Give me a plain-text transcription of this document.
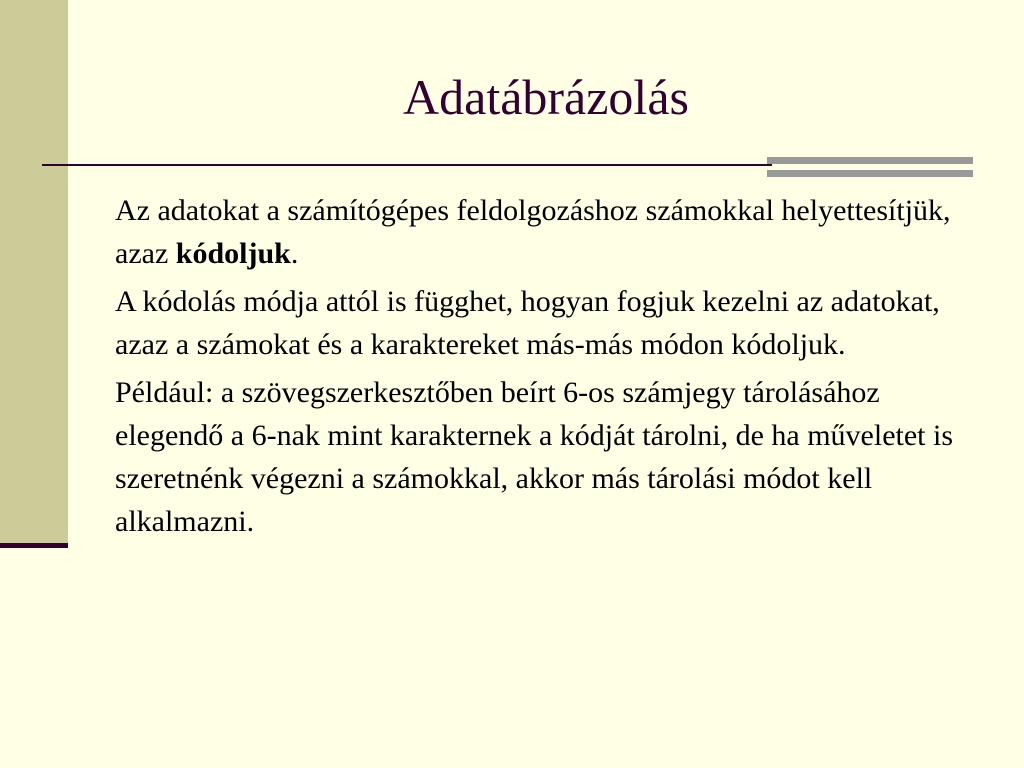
Adatábrázolás

Az adatokat a számítógépes feldolgozáshoz számokkal helyettesítjük, azaz kódoljuk.

A kódolás módja attól is függhet, hogyan fogjuk kezelni az adatokat, azaz a számokat és a karaktereket más-más módon kódoljuk.

Például: a szövegszerkesztőben beírt 6-os számjegy tárolásához elegendő a 6-nak mint karakternek a kódját tárolni, de ha műveletet is szeretnénk végezni a számokkal, akkor más tárolási módot kell alkalmazni.
